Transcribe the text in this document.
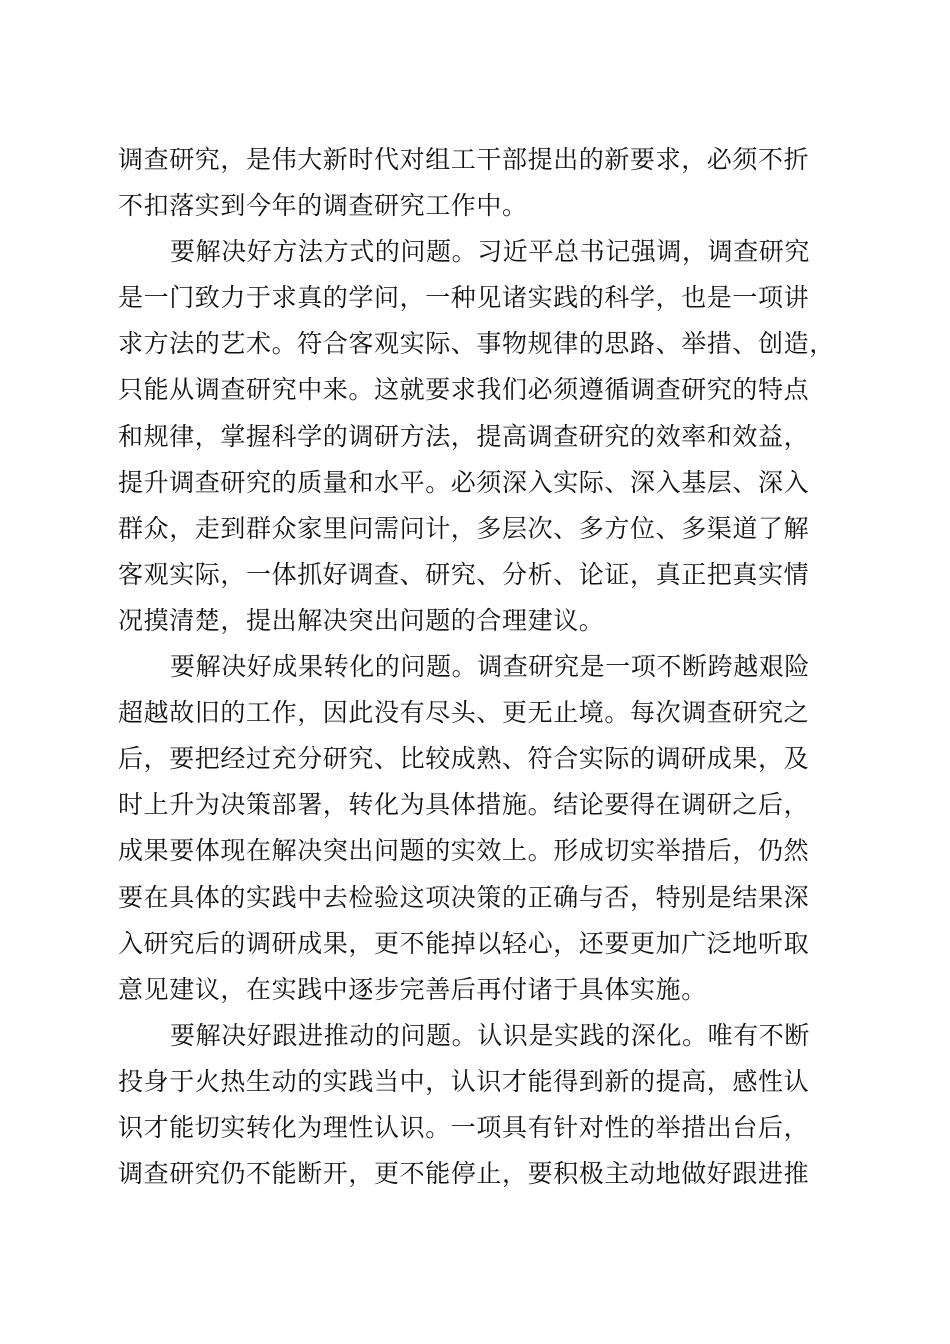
调查研究，是伟大新时代对组工干部提出的新要求，必须不折
不扣落实到今年的调查研究工作中。
要解决好方法方式的问题。习近平总书记强调，调查研究
是一门致力于求真的学问，一种见诸实践的科学，也是一项讲
求方法的艺术。符合客观实际、事物规律的思路、举措、创造，
只能从调查研究中来。这就要求我们必须遵循调查研究的特点
和规律，掌握科学的调研方法，提高调查研究的效率和效益，
提升调查研究的质量和水平。必须深入实际、深入基层、深入
群众，走到群众家里问需问计，多层次、多方位、多渠道了解
客观实际，一体抓好调查、研究、分析、论证，真正把真实情
况摸清楚，提出解决突出问题的合理建议。
要解决好成果转化的问题。调查研究是一项不断跨越艰险
超越故旧的工作，因此没有尽头、更无止境。每次调查研究之
后，要把经过充分研究、比较成熟、符合实际的调研成果，及
时上升为决策部署，转化为具体措施。结论要得在调研之后，
成果要体现在解决突出问题的实效上。形成切实举措后，仍然
要在具体的实践中去检验这项决策的正确与否，特别是结果深
入研究后的调研成果，更不能掉以轻心，还要更加广泛地听取
意见建议，在实践中逐步完善后再付诸于具体实施。
要解决好跟进推动的问题。认识是实践的深化。唯有不断
投身于火热生动的实践当中，认识才能得到新的提高，感性认
识才能切实转化为理性认识。一项具有针对性的举措出台后，
调查研究仍不能断开，更不能停止，要积极主动地做好跟进推
